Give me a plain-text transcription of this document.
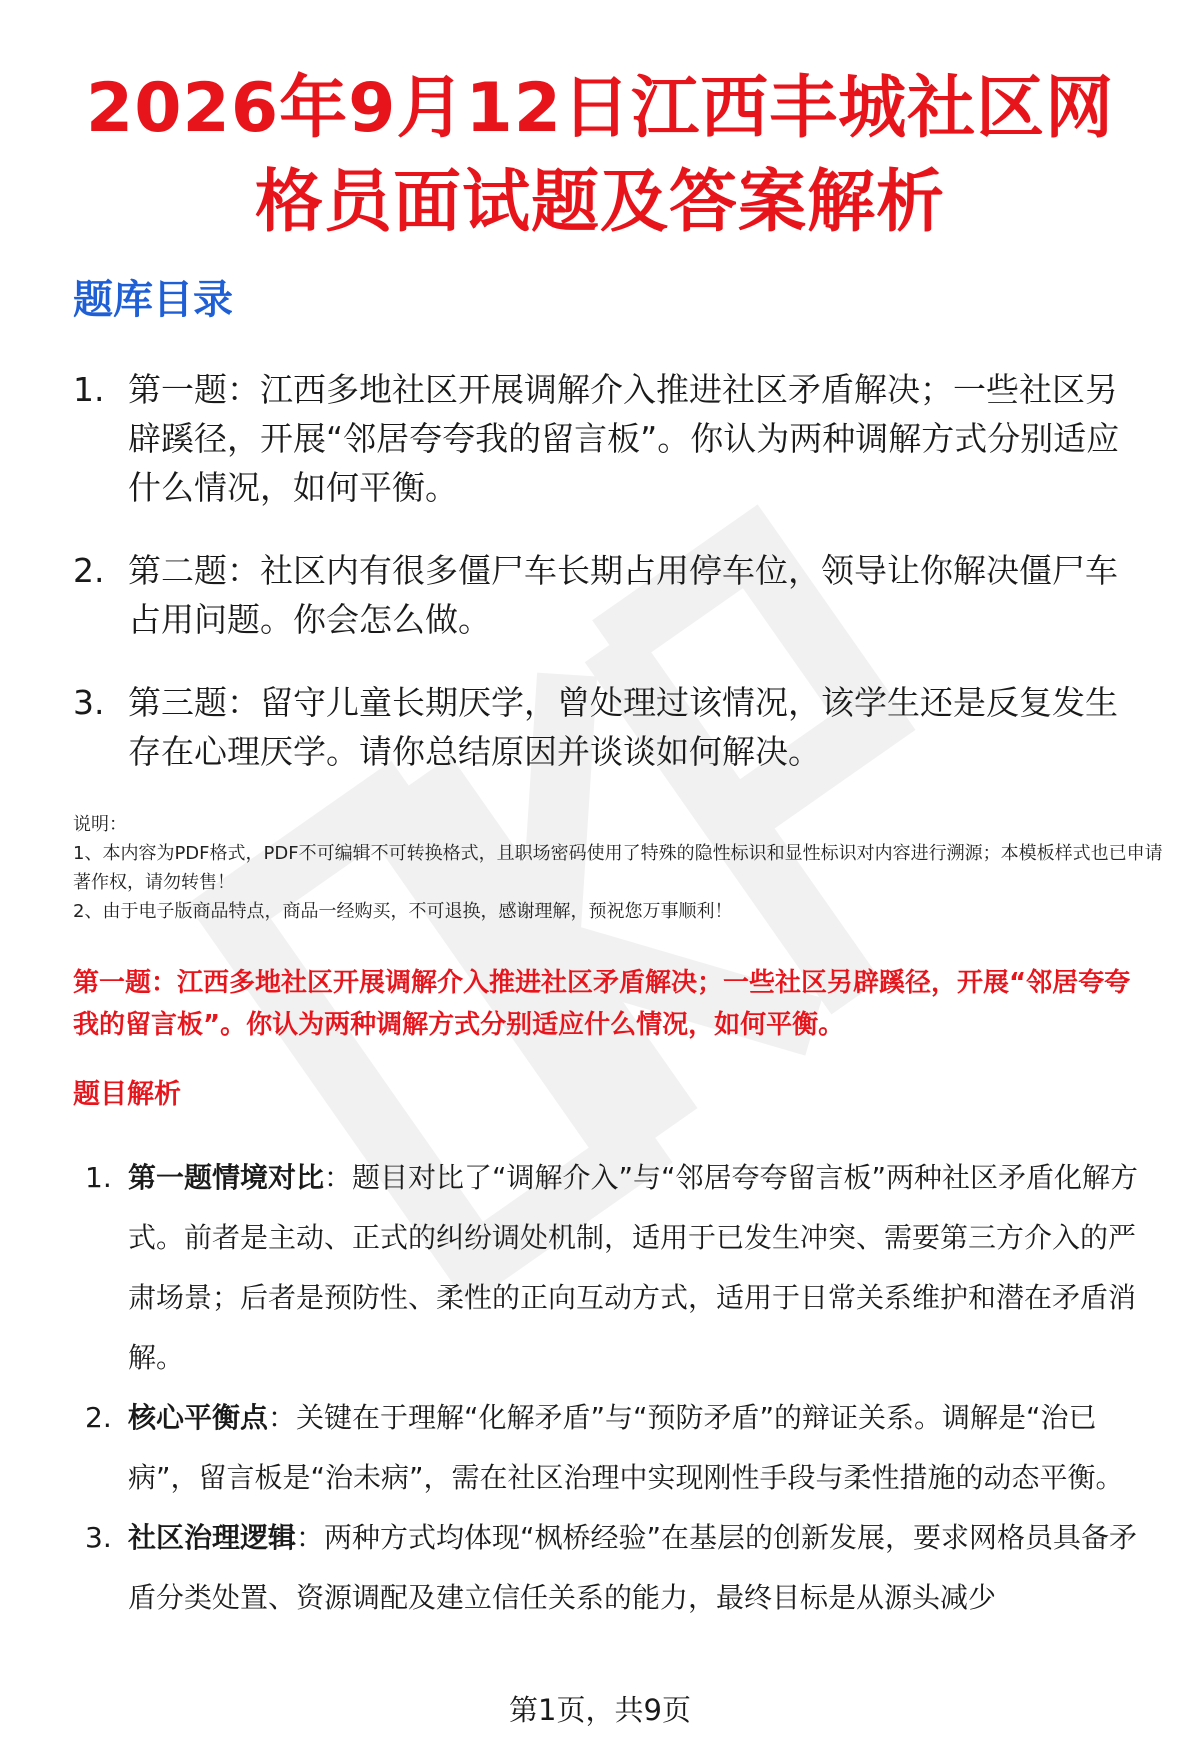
2026年9月12日江西丰城社区网格员面试题及答案解析
题库目录
1. 第一题：江西多地社区开展调解介入推进社区矛盾解决；一些社区另辟蹊径，开展“邻居夸夸我的留言板”。你认为两种调解方式分别适应什么情况，如何平衡。
2. 第二题：社区内有很多僵尸车长期占用停车位，领导让你解决僵尸车占用问题。你会怎么做。
3. 第三题：留守儿童长期厌学，曾处理过该情况，该学生还是反复发生存在心理厌学。请你总结原因并谈谈如何解决。
说明：
1、本内容为PDF格式，PDF不可编辑不可转换格式，且职场密码使用了特殊的隐性标识和显性标识对内容进行溯源；本模板样式也已申请著作权，请勿转售！
2、由于电子版商品特点，商品一经购买，不可退换，感谢理解，预祝您万事顺利！
第一题：江西多地社区开展调解介入推进社区矛盾解决；一些社区另辟蹊径，开展“邻居夸夸我的留言板”。你认为两种调解方式分别适应什么情况，如何平衡。
题目解析
1. 第一题情境对比：题目对比了“调解介入”与“邻居夸夸留言板”两种社区矛盾化解方式。前者是主动、正式的纠纷调处机制，适用于已发生冲突、需要第三方介入的严肃场景；后者是预防性、柔性的正向互动方式，适用于日常关系维护和潜在矛盾消解。
2. 核心平衡点：关键在于理解“化解矛盾”与“预防矛盾”的辩证关系。调解是“治已病”，留言板是“治未病”，需在社区治理中实现刚性手段与柔性措施的动态平衡。
3. 社区治理逻辑：两种方式均体现“枫桥经验”在基层的创新发展，要求网格员具备矛盾分类处置、资源调配及建立信任关系的能力，最终目标是从源头减少
第1页，共9页
